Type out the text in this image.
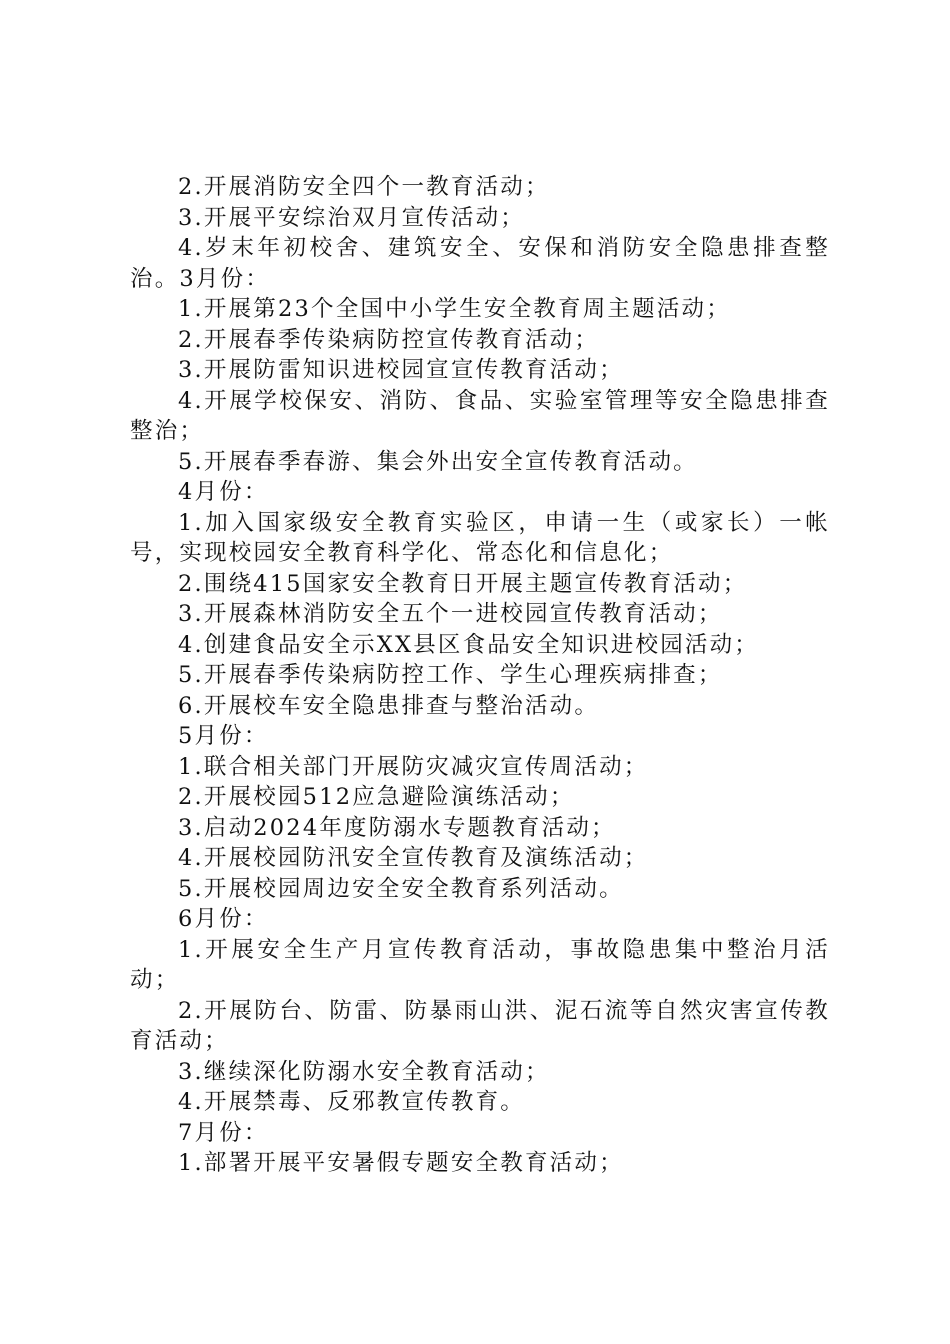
2.开展消防安全四个一教育活动；

3.开展平安综治双月宣传活动；

4.岁末年初校舍、建筑安全、安保和消防安全隐患排查整治。3月份：

1.开展第23个全国中小学生安全教育周主题活动；

2.开展春季传染病防控宣传教育活动；

3.开展防雷知识进校园宣宣传教育活动；

4.开展学校保安、消防、食品、实验室管理等安全隐患排查整治；

5.开展春季春游、集会外出安全宣传教育活动。

4月份：

1.加入国家级安全教育实验区，申请一生（或家长）一帐号，实现校园安全教育科学化、常态化和信息化；

2.围绕415国家安全教育日开展主题宣传教育活动；

3.开展森林消防安全五个一进校园宣传教育活动；

4.创建食品安全示XX县区食品安全知识进校园活动；

5.开展春季传染病防控工作、学生心理疾病排查；

6.开展校车安全隐患排查与整治活动。

5月份：

1.联合相关部门开展防灾减灾宣传周活动；

2.开展校园512应急避险演练活动；

3.启动2024年度防溺水专题教育活动；

4.开展校园防汛安全宣传教育及演练活动；

5.开展校园周边安全安全教育系列活动。

6月份：

1.开展安全生产月宣传教育活动，事故隐患集中整治月活动；

2.开展防台、防雷、防暴雨山洪、泥石流等自然灾害宣传教育活动；

3.继续深化防溺水安全教育活动；

4.开展禁毒、反邪教宣传教育。

7月份：

1.部署开展平安暑假专题安全教育活动；
